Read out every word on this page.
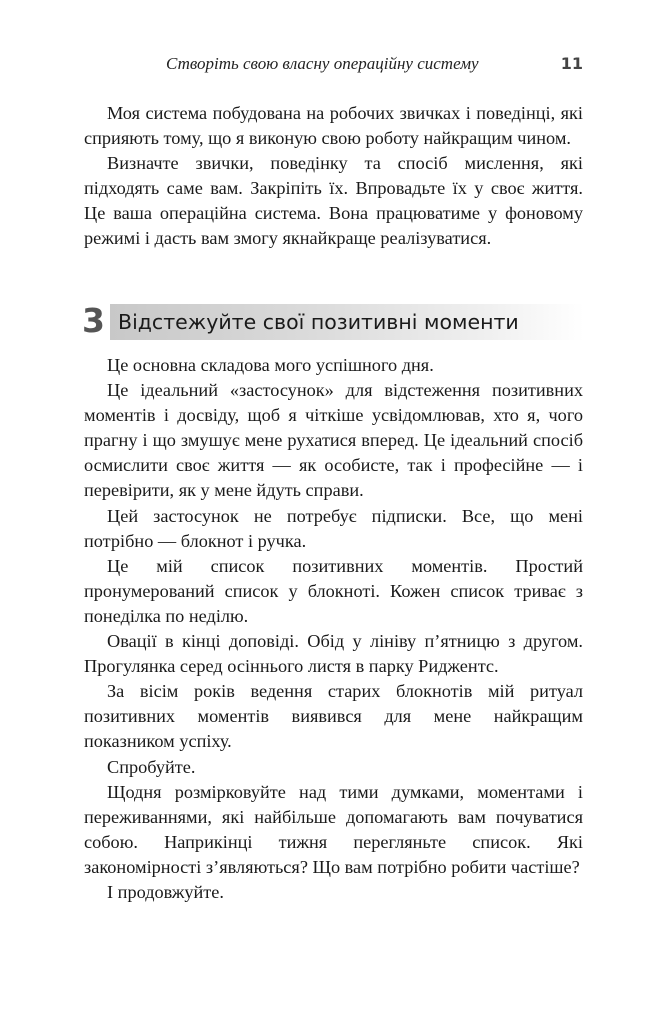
Створіть свою власну операційну систему	11

Моя система побудована на робочих звичках і поведінці, які сприяють тому, що я виконую свою роботу найкращим чином.

Визначте звички, поведінку та спосіб мислення, які підходять саме вам. Закріпіть їх. Впровадьте їх у своє життя. Це ваша операційна система. Вона працюватиме у фоновому режимі і дасть вам змогу якнайкраще реалізуватися.

3 Відстежуйте свої позитивні моменти

Це основна складова мого успішного дня.

Це ідеальний «застосунок» для відстеження позитивних моментів і досвіду, щоб я чіткіше усвідомлював, хто я, чого прагну і що змушує мене рухатися вперед. Це ідеальний спосіб осмислити своє життя — як особисте, так і професійне — і перевірити, як у мене йдуть справи.

Цей застосунок не потребує підписки. Все, що мені потрібно — блокнот і ручка.

Це мій список позитивних моментів. Простий пронумерований список у блокноті. Кожен список триває з понеділка по неділю.

Овації в кінці доповіді. Обід у лініву п’ятницю з другом. Прогулянка серед осіннього листя в парку Риджентс.

За вісім років ведення старих блокнотів мій ритуал позитивних моментів виявився для мене найкращим показником успіху.

Спробуйте.

Щодня розмірковуйте над тими думками, моментами і переживаннями, які найбільше допомагають вам почуватися собою. Наприкінці тижня перегляньте список. Які закономірності з’являються? Що вам потрібно робити частіше?

І продовжуйте.
